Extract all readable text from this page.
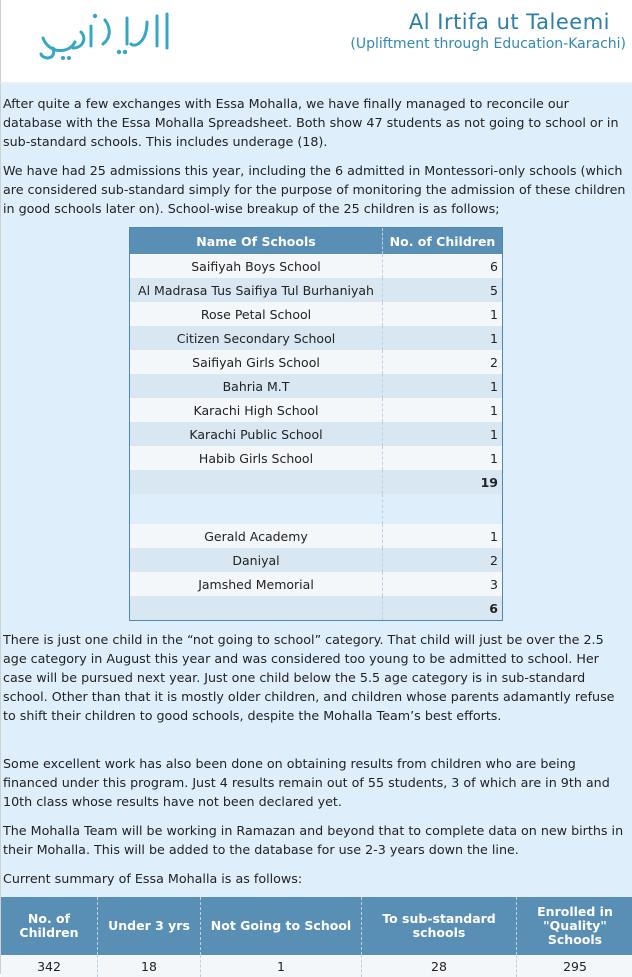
الارتقاء التعليمي
Al Irtifa ut Taleemi
(Upliftment through Education-Karachi)

After quite a few exchanges with Essa Mohalla, we have finally managed to reconcile our database with the Essa Mohalla Spreadsheet. Both show 47 students as not going to school or in sub-standard schools. This includes underage (18).

We have had 25 admissions this year, including the 6 admitted in Montessori-only schools (which are considered sub-standard simply for the purpose of monitoring the admission of these children in good schools later on). School-wise breakup of the 25 children is as follows;

Name Of Schools	No. of Children
Saifiyah Boys School	6
Al Madrasa Tus Saifiya Tul Burhaniyah	5
Rose Petal School	1
Citizen Secondary School	1
Saifiyah Girls School	2
Bahria M.T	1
Karachi High School	1
Karachi Public School	1
Habib Girls School	1
	19

Gerald Academy	1
Daniyal	2
Jamshed Memorial	3
	6

There is just one child in the “not going to school” category. That child will just be over the 2.5 age category in August this year and was considered too young to be admitted to school. Her case will be pursued next year. Just one child below the 5.5 age category is in sub-standard school. Other than that it is mostly older children, and children whose parents adamantly refuse to shift their children to good schools, despite the Mohalla Team’s best efforts.

Some excellent work has also been done on obtaining results from children who are being financed under this program. Just 4 results remain out of 55 students, 3 of which are in 9th and 10th class whose results have not been declared yet.

The Mohalla Team will be working in Ramazan and beyond that to complete data on new births in their Mohalla. This will be added to the database for use 2-3 years down the line.

Current summary of Essa Mohalla is as follows:

No. of Children	Under 3 yrs	Not Going to School	To sub-standard schools	Enrolled in "Quality" Schools
342	18	1	28	295
